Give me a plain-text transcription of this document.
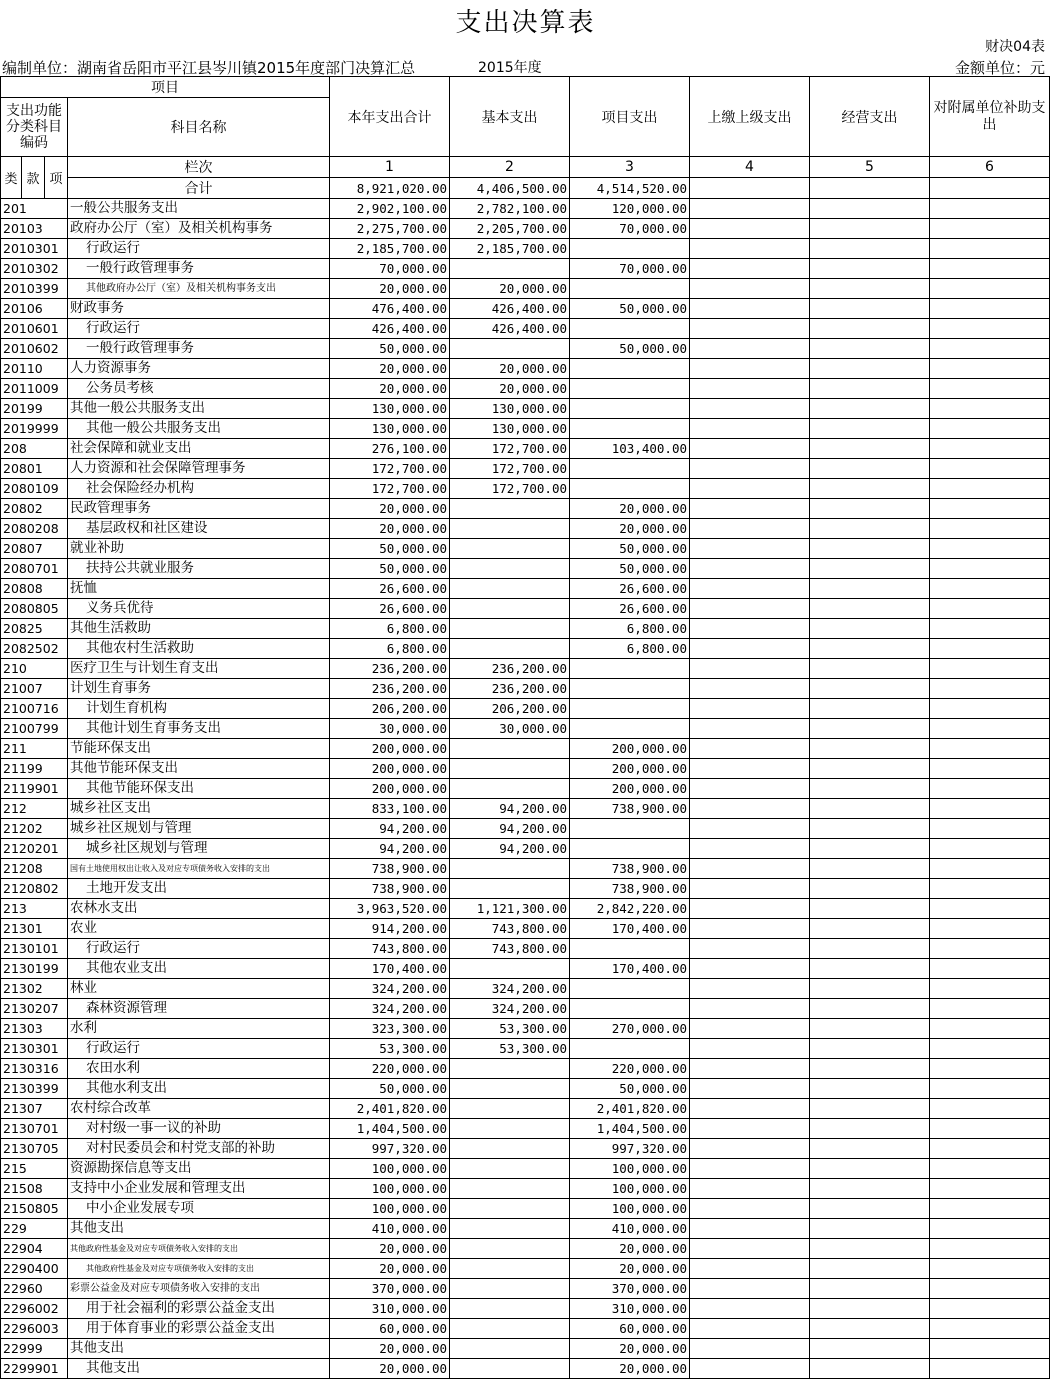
支出决算表
财决04表
编制单位：湖南省岳阳市平江县岑川镇2015年度部门决算汇总	2015年度	金额单位：元
项目				本年支出合计	基本支出	项目支出	上缴上级支出	经营支出	对附属单位补助支出
支出功能分类科目编码			科目名称						

类	款	项	栏次	1	2	3	4	5	6
			合计	8,921,020.00	4,406,500.00	4,514,520.00			
201			一般公共服务支出	2,902,100.00	2,782,100.00	120,000.00			
20103			政府办公厅（室）及相关机构事务	2,275,700.00	2,205,700.00	70,000.00			
2010301			行政运行	2,185,700.00	2,185,700.00				
2010302			一般行政管理事务	70,000.00		70,000.00			
2010399			其他政府办公厅（室）及相关机构事务支出	20,000.00	20,000.00				
20106			财政事务	476,400.00	426,400.00	50,000.00			
2010601			行政运行	426,400.00	426,400.00				
2010602			一般行政管理事务	50,000.00		50,000.00			
20110			人力资源事务	20,000.00	20,000.00				
2011009			公务员考核	20,000.00	20,000.00				
20199			其他一般公共服务支出	130,000.00	130,000.00				
2019999			其他一般公共服务支出	130,000.00	130,000.00				
208			社会保障和就业支出	276,100.00	172,700.00	103,400.00			
20801			人力资源和社会保障管理事务	172,700.00	172,700.00				
2080109			社会保险经办机构	172,700.00	172,700.00				
20802			民政管理事务	20,000.00		20,000.00			
2080208			基层政权和社区建设	20,000.00		20,000.00			
20807			就业补助	50,000.00		50,000.00			
2080701			扶持公共就业服务	50,000.00		50,000.00			
20808			抚恤	26,600.00		26,600.00			
2080805			义务兵优待	26,600.00		26,600.00			
20825			其他生活救助	6,800.00		6,800.00			
2082502			其他农村生活救助	6,800.00		6,800.00			
210			医疗卫生与计划生育支出	236,200.00	236,200.00				
21007			计划生育事务	236,200.00	236,200.00				
2100716			计划生育机构	206,200.00	206,200.00				
2100799			其他计划生育事务支出	30,000.00	30,000.00				
211			节能环保支出	200,000.00		200,000.00			
21199			其他节能环保支出	200,000.00		200,000.00			
2119901			其他节能环保支出	200,000.00		200,000.00			
212			城乡社区支出	833,100.00	94,200.00	738,900.00			
21202			城乡社区规划与管理	94,200.00	94,200.00				
2120201			城乡社区规划与管理	94,200.00	94,200.00				
21208			国有土地使用权出让收入及对应专项债务收入安排的支出	738,900.00		738,900.00			
2120802			土地开发支出	738,900.00		738,900.00			
213			农林水支出	3,963,520.00	1,121,300.00	2,842,220.00			
21301			农业	914,200.00	743,800.00	170,400.00			
2130101			行政运行	743,800.00	743,800.00				
2130199			其他农业支出	170,400.00		170,400.00			
21302			林业	324,200.00	324,200.00				
2130207			森林资源管理	324,200.00	324,200.00				
21303			水利	323,300.00	53,300.00	270,000.00			
2130301			行政运行	53,300.00	53,300.00				
2130316			农田水利	220,000.00		220,000.00			
2130399			其他水利支出	50,000.00		50,000.00			
21307			农村综合改革	2,401,820.00		2,401,820.00			
2130701			对村级一事一议的补助	1,404,500.00		1,404,500.00			
2130705			对村民委员会和村党支部的补助	997,320.00		997,320.00			
215			资源勘探信息等支出	100,000.00		100,000.00			
21508			支持中小企业发展和管理支出	100,000.00		100,000.00			
2150805			中小企业发展专项	100,000.00		100,000.00			
229			其他支出	410,000.00		410,000.00			
22904			其他政府性基金及对应专项债务收入安排的支出	20,000.00		20,000.00			
2290400			其他政府性基金及对应专项债务收入安排的支出	20,000.00		20,000.00			
22960			彩票公益金及对应专项债务收入安排的支出	370,000.00		370,000.00			
2296002			用于社会福利的彩票公益金支出	310,000.00		310,000.00			
2296003			用于体育事业的彩票公益金支出	60,000.00		60,000.00			
22999			其他支出	20,000.00		20,000.00			
2299901			其他支出	20,000.00		20,000.00			
